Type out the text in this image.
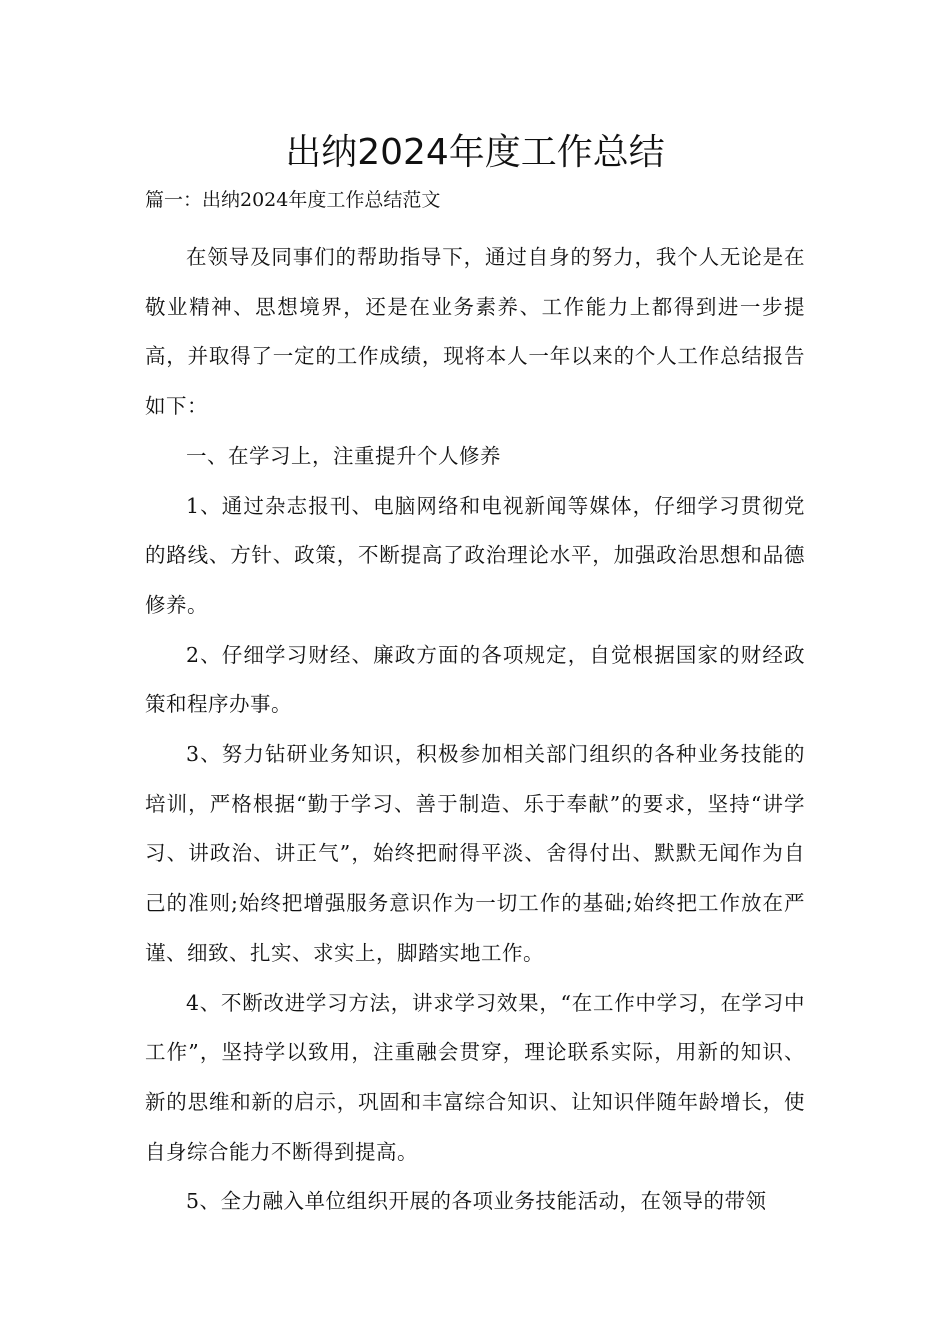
出纳2024年度工作总结
篇一：出纳2024年度工作总结范文

在领导及同事们的帮助指导下，通过自身的努力，我个人无论是在敬业精神、思想境界，还是在业务素养、工作能力上都得到进一步提高，并取得了一定的工作成绩，现将本人一年以来的个人工作总结报告如下：

一、在学习上，注重提升个人修养

1、通过杂志报刊、电脑网络和电视新闻等媒体，仔细学习贯彻党的路线、方针、政策，不断提高了政治理论水平，加强政治思想和品德修养。

2、仔细学习财经、廉政方面的各项规定，自觉根据国家的财经政策和程序办事。

3、努力钻研业务知识，积极参加相关部门组织的各种业务技能的培训，严格根据“勤于学习、善于制造、乐于奉献”的要求，坚持“讲学习、讲政治、讲正气”，始终把耐得平淡、舍得付出、默默无闻作为自己的准则;始终把增强服务意识作为一切工作的基础;始终把工作放在严谨、细致、扎实、求实上，脚踏实地工作。

4、不断改进学习方法，讲求学习效果，“在工作中学习，在学习中工作”，坚持学以致用，注重融会贯穿，理论联系实际，用新的知识、新的思维和新的启示，巩固和丰富综合知识、让知识伴随年龄增长，使自身综合能力不断得到提高。

5、全力融入单位组织开展的各项业务技能活动，在领导的带领
